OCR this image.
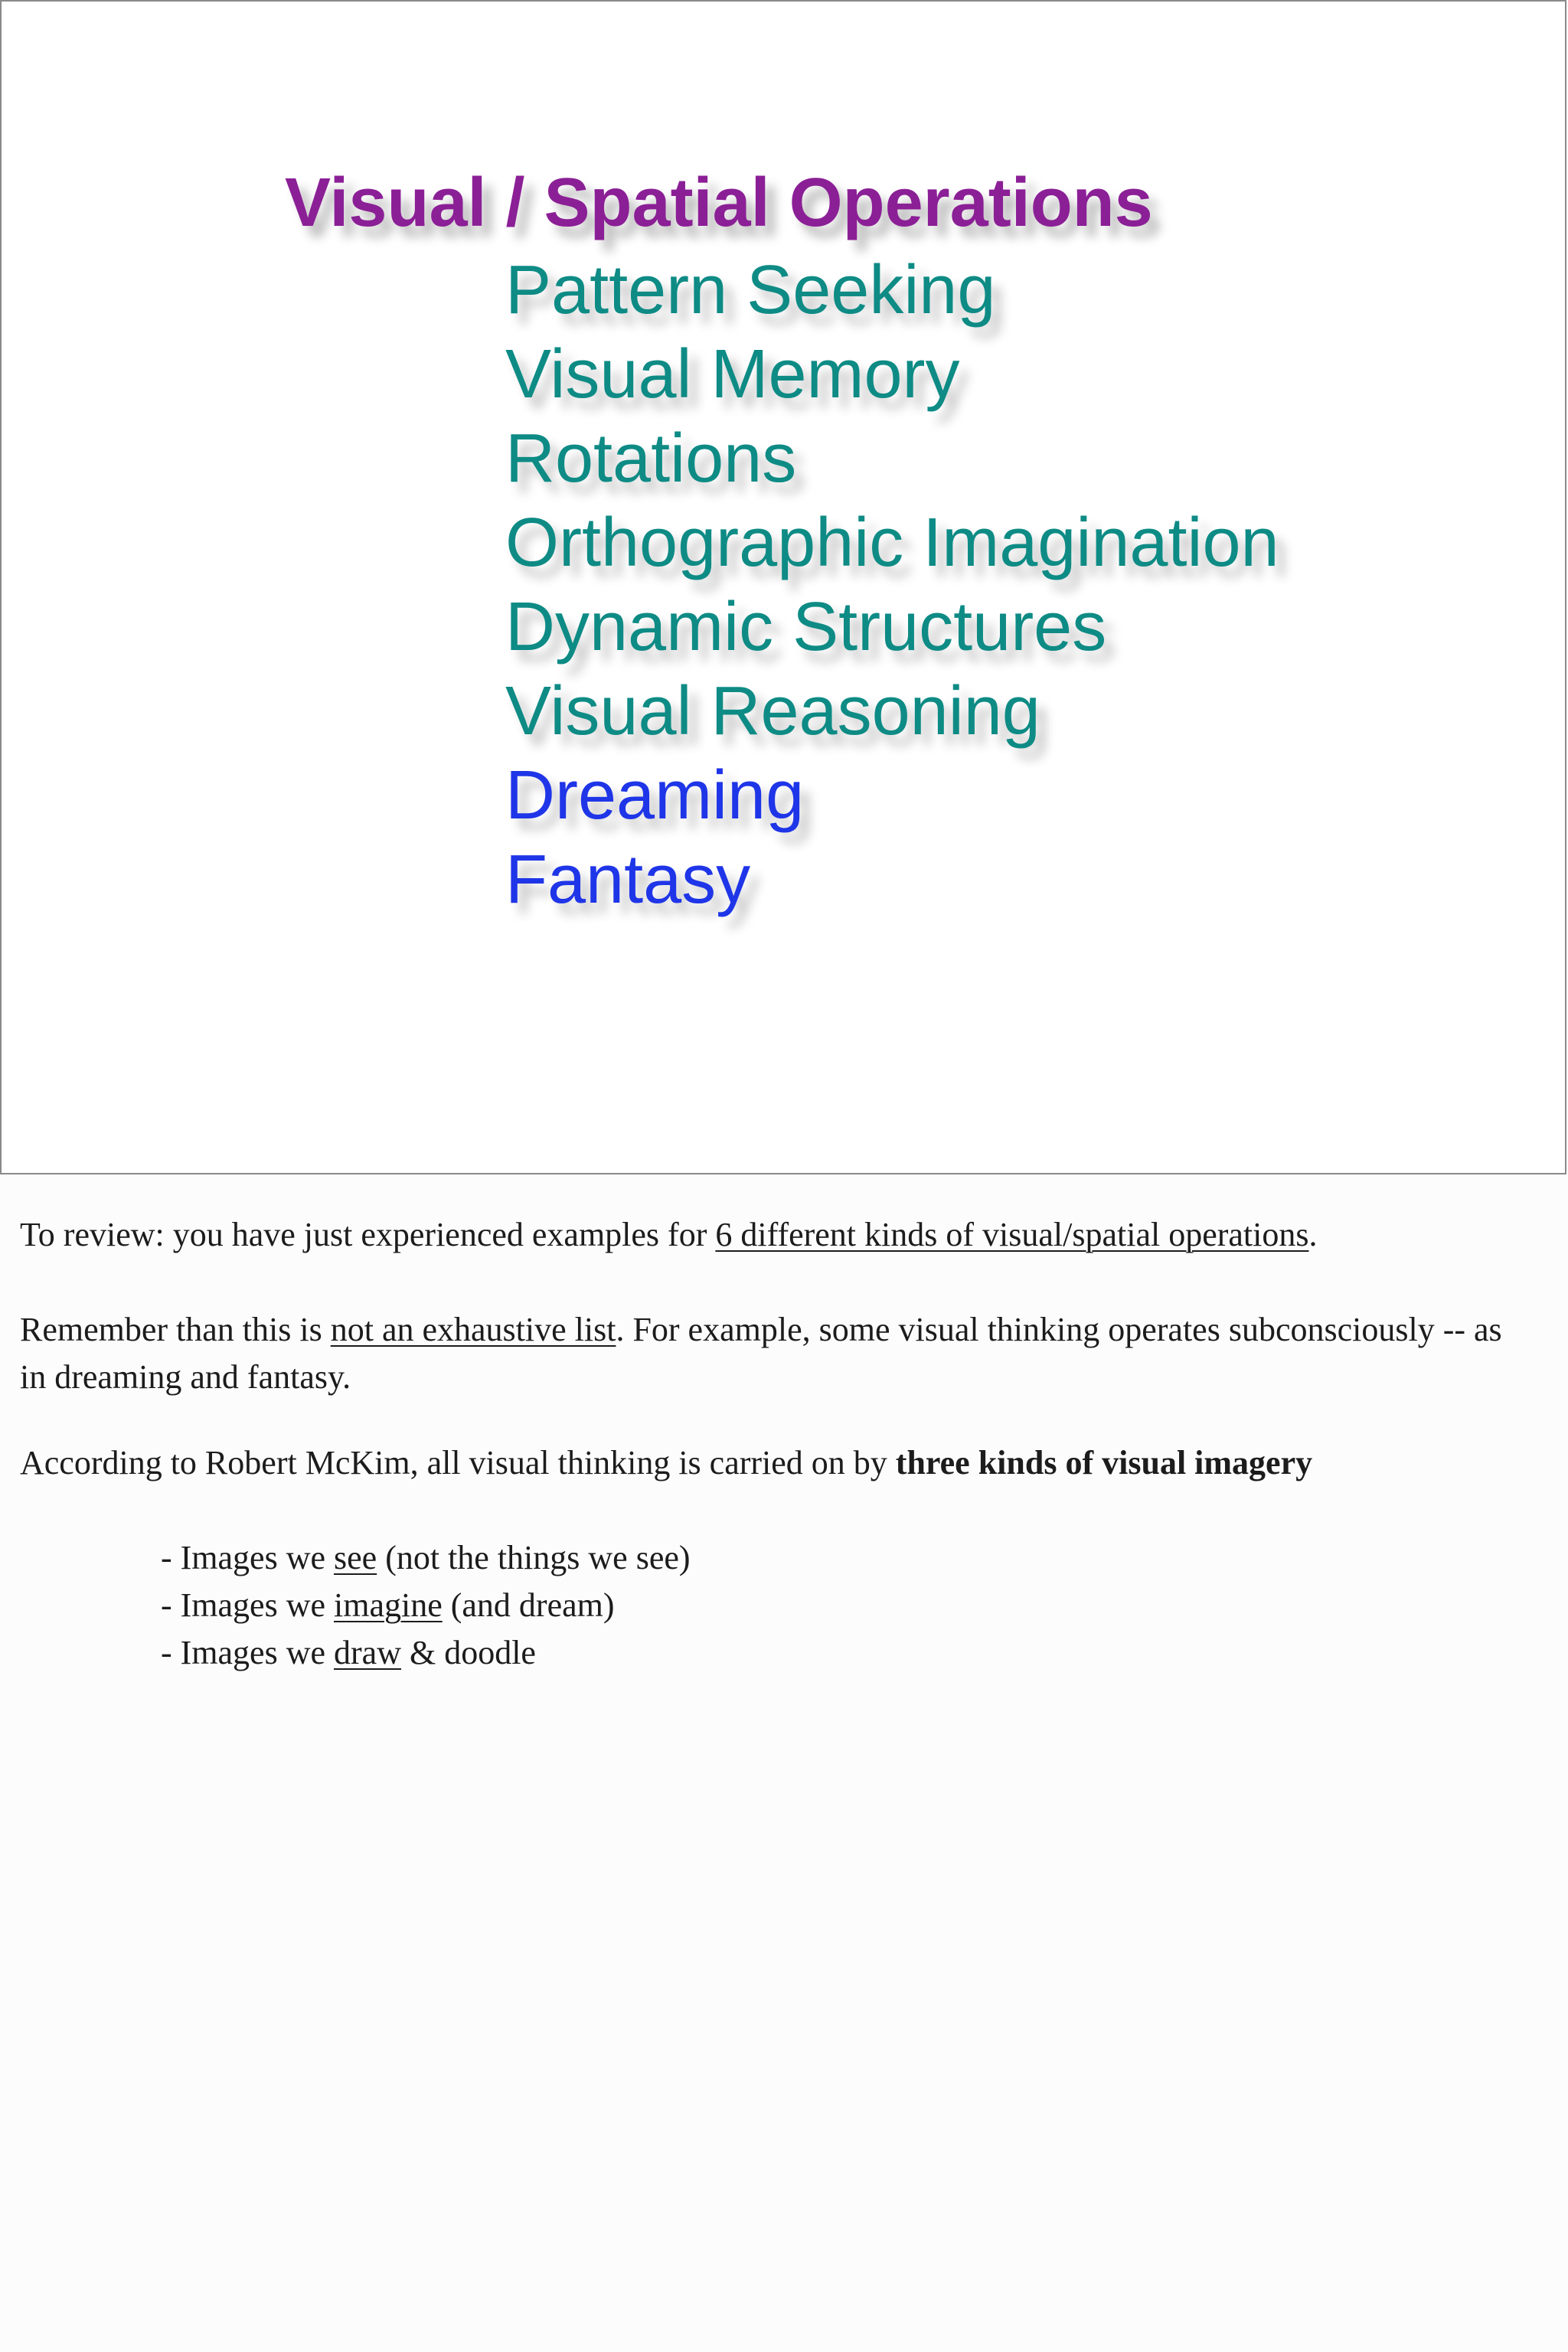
Visual / Spatial Operations
Pattern Seeking
Visual Memory
Rotations
Orthographic Imagination
Dynamic Structures
Visual Reasoning
Dreaming
Fantasy

To review: you have just experienced examples for 6 different kinds of visual/spatial operations.

Remember than this is not an exhaustive list. For example, some visual thinking operates subconsciously -- as in dreaming and fantasy.

According to Robert McKim, all visual thinking is carried on by three kinds of visual imagery

- Images we see (not the things we see)
- Images we imagine (and dream)
- Images we draw & doodle
